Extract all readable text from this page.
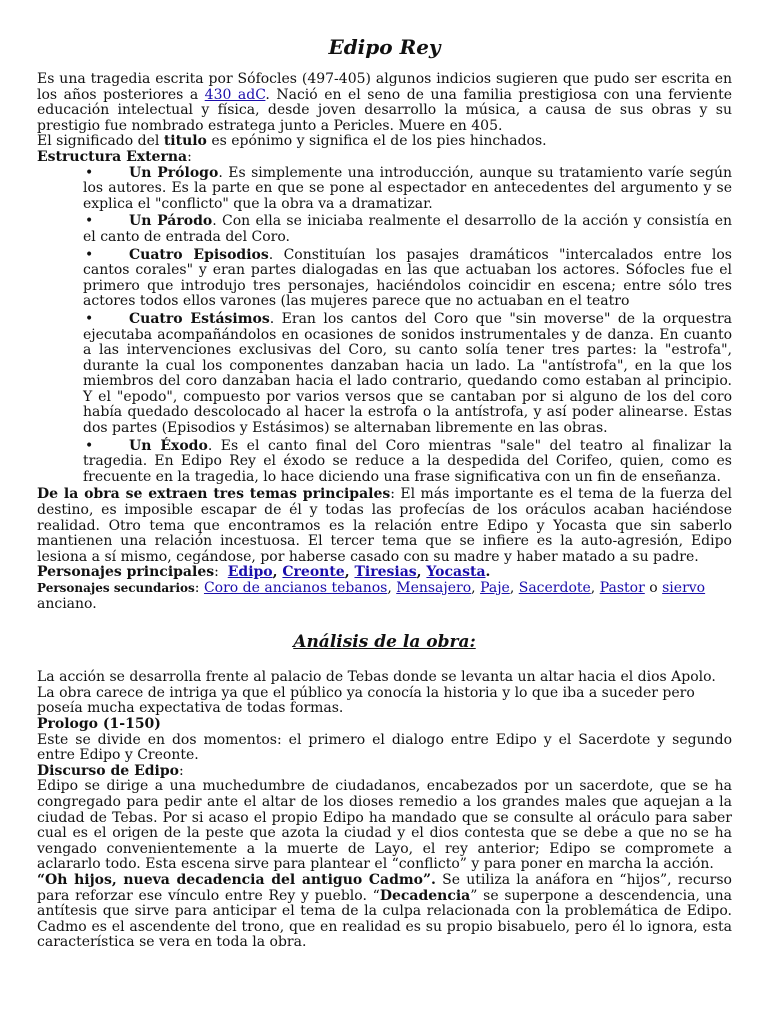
Edipo Rey

Es una tragedia escrita por Sófocles (497-405) algunos indicios sugieren que pudo ser escrita en los años posteriores a 430 adC. Nació en el seno de una familia prestigiosa con una ferviente educación intelectual y física, desde joven desarrollo la música, a causa de sus obras y su prestigio fue nombrado estratega junto a Pericles. Muere en 405.

El significado del titulo es epónimo y significa el de los pies hinchados.

Estructura Externa:

• Un Prólogo. Es simplemente una introducción, aunque su tratamiento varíe según los autores. Es la parte en que se pone al espectador en antecedentes del argumento y se explica el "conflicto" que la obra va a dramatizar.
• Un Párodo. Con ella se iniciaba realmente el desarrollo de la acción y consistía en el canto de entrada del Coro.
• Cuatro Episodios. Constituían los pasajes dramáticos "intercalados entre los cantos corales" y eran partes dialogadas en las que actuaban los actores. Sófocles fue el primero que introdujo tres personajes, haciéndolos coincidir en escena; entre sólo tres actores todos ellos varones (las mujeres parece que no actuaban en el teatro
• Cuatro Estásimos. Eran los cantos del Coro que "sin moverse" de la orquestra ejecutaba acompañándolos en ocasiones de sonidos instrumentales y de danza. En cuanto a las intervenciones exclusivas del Coro, su canto solía tener tres partes: la "estrofa", durante la cual los componentes danzaban hacia un lado. La "antístrofa", en la que los miembros del coro danzaban hacia el lado contrario, quedando como estaban al principio. Y el "epodo", compuesto por varios versos que se cantaban por si alguno de los del coro había quedado descolocado al hacer la estrofa o la antístrofa, y así poder alinearse. Estas dos partes (Episodios y Estásimos) se alternaban libremente en las obras.
• Un Éxodo. Es el canto final del Coro mientras "sale" del teatro al finalizar la tragedia. En Edipo Rey el éxodo se reduce a la despedida del Corifeo, quien, como es frecuente en la tragedia, lo hace diciendo una frase significativa con un fin de enseñanza.

De la obra se extraen tres temas principales: El más importante es el tema de la fuerza del destino, es imposible escapar de él y todas las profecías de los oráculos acaban haciéndose realidad. Otro tema que encontramos es la relación entre Edipo y Yocasta que sin saberlo mantienen una relación incestuosa. El tercer tema que se infiere es la auto-agresión, Edipo lesiona a sí mismo, cegándose, por haberse casado con su madre y haber matado a su padre.

Personajes principales: Edipo, Creonte, Tiresias, Yocasta.

Personajes secundarios: Coro de ancianos tebanos, Mensajero, Paje, Sacerdote, Pastor o siervo anciano.

Análisis de la obra:

La acción se desarrolla frente al palacio de Tebas donde se levanta un altar hacia el dios Apolo. La obra carece de intriga ya que el público ya conocía la historia y lo que iba a suceder pero poseía mucha expectativa de todas formas.

Prologo (1-150)

Este se divide en dos momentos: el primero el dialogo entre Edipo y el Sacerdote y segundo entre Edipo y Creonte.

Discurso de Edipo:

Edipo se dirige a una muchedumbre de ciudadanos, encabezados por un sacerdote, que se ha congregado para pedir ante el altar de los dioses remedio a los grandes males que aquejan a la ciudad de Tebas. Por si acaso el propio Edipo ha mandado que se consulte al oráculo para saber cual es el origen de la peste que azota la ciudad y el dios contesta que se debe a que no se ha vengado convenientemente a la muerte de Layo, el rey anterior; Edipo se compromete a aclararlo todo. Esta escena sirve para plantear el “conflicto” y para poner en marcha la acción.

“Oh hijos, nueva decadencia del antiguo Cadmo”. Se utiliza la anáfora en “hijos”, recurso para reforzar ese vínculo entre Rey y pueblo. “Decadencia” se superpone a descendencia, una antítesis que sirve para anticipar el tema de la culpa relacionada con la problemática de Edipo. Cadmo es el ascendente del trono, que en realidad es su propio bisabuelo, pero él lo ignora, esta característica se vera en toda la obra.
